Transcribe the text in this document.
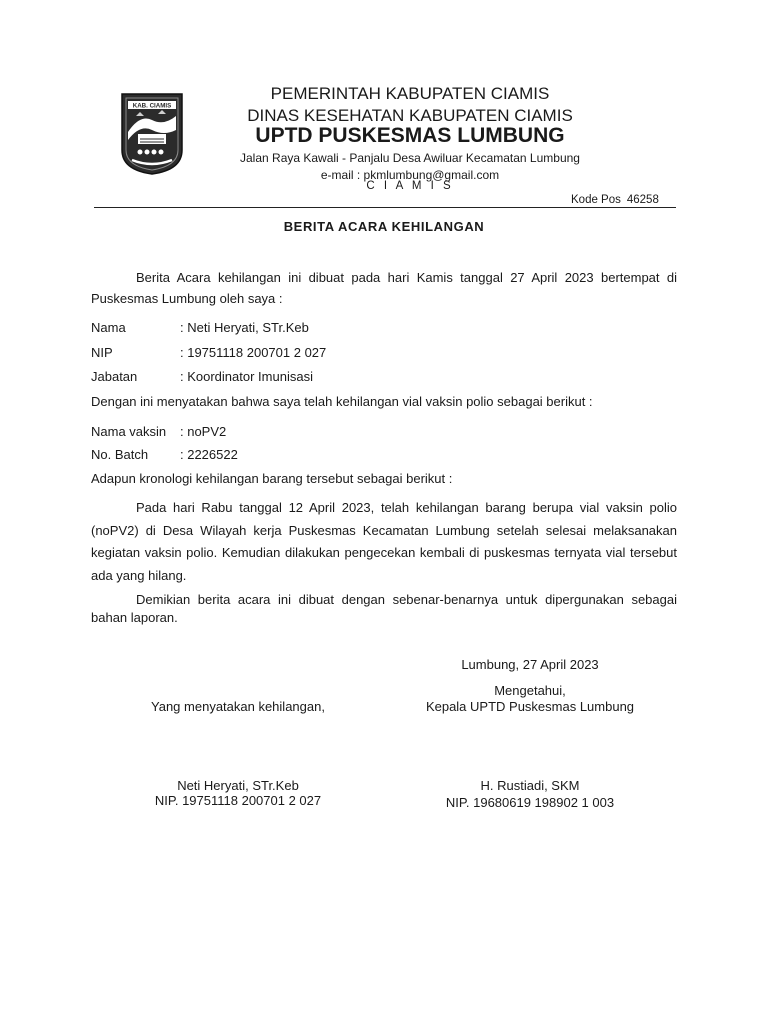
KAB. CIAMIS
PEMERINTAH KABUPATEN CIAMIS
DINAS KESEHATAN KABUPATEN CIAMIS
UPTD PUSKESMAS LUMBUNG
Jalan Raya Kawali - Panjalu Desa Awiluar Kecamatan Lumbung
e-mail : pkmlumbung@gmail.com
C I A M I S
Kode Pos 46258
BERITA ACARA KEHILANGAN
Berita Acara kehilangan ini dibuat pada hari Kamis tanggal 27 April 2023 bertempat di Puskesmas Lumbung oleh saya :
Nama	: Neti Heryati, STr.Keb
NIP	: 19751118 200701 2 027
Jabatan	: Koordinator Imunisasi
Dengan ini menyatakan bahwa saya telah kehilangan vial vaksin polio sebagai berikut :
Nama vaksin : noPV2
No. Batch : 2226522
Adapun kronologi kehilangan barang tersebut sebagai berikut :
Pada hari Rabu tanggal 12 April 2023, telah kehilangan barang berupa vial vaksin polio (noPV2) di Desa Wilayah kerja Puskesmas Kecamatan Lumbung setelah selesai melaksanakan kegiatan vaksin polio. Kemudian dilakukan pengecekan kembali di puskesmas ternyata vial tersebut ada yang hilang.
Demikian berita acara ini dibuat dengan sebenar-benarnya untuk dipergunakan sebagai bahan laporan.
Lumbung, 27 April 2023
Mengetahui,
Yang menyatakan kehilangan,	Kepala UPTD Puskesmas Lumbung
Neti Heryati, STr.Keb
NIP. 19751118 200701 2 027
H. Rustiadi, SKM
NIP. 19680619 198902 1 003
